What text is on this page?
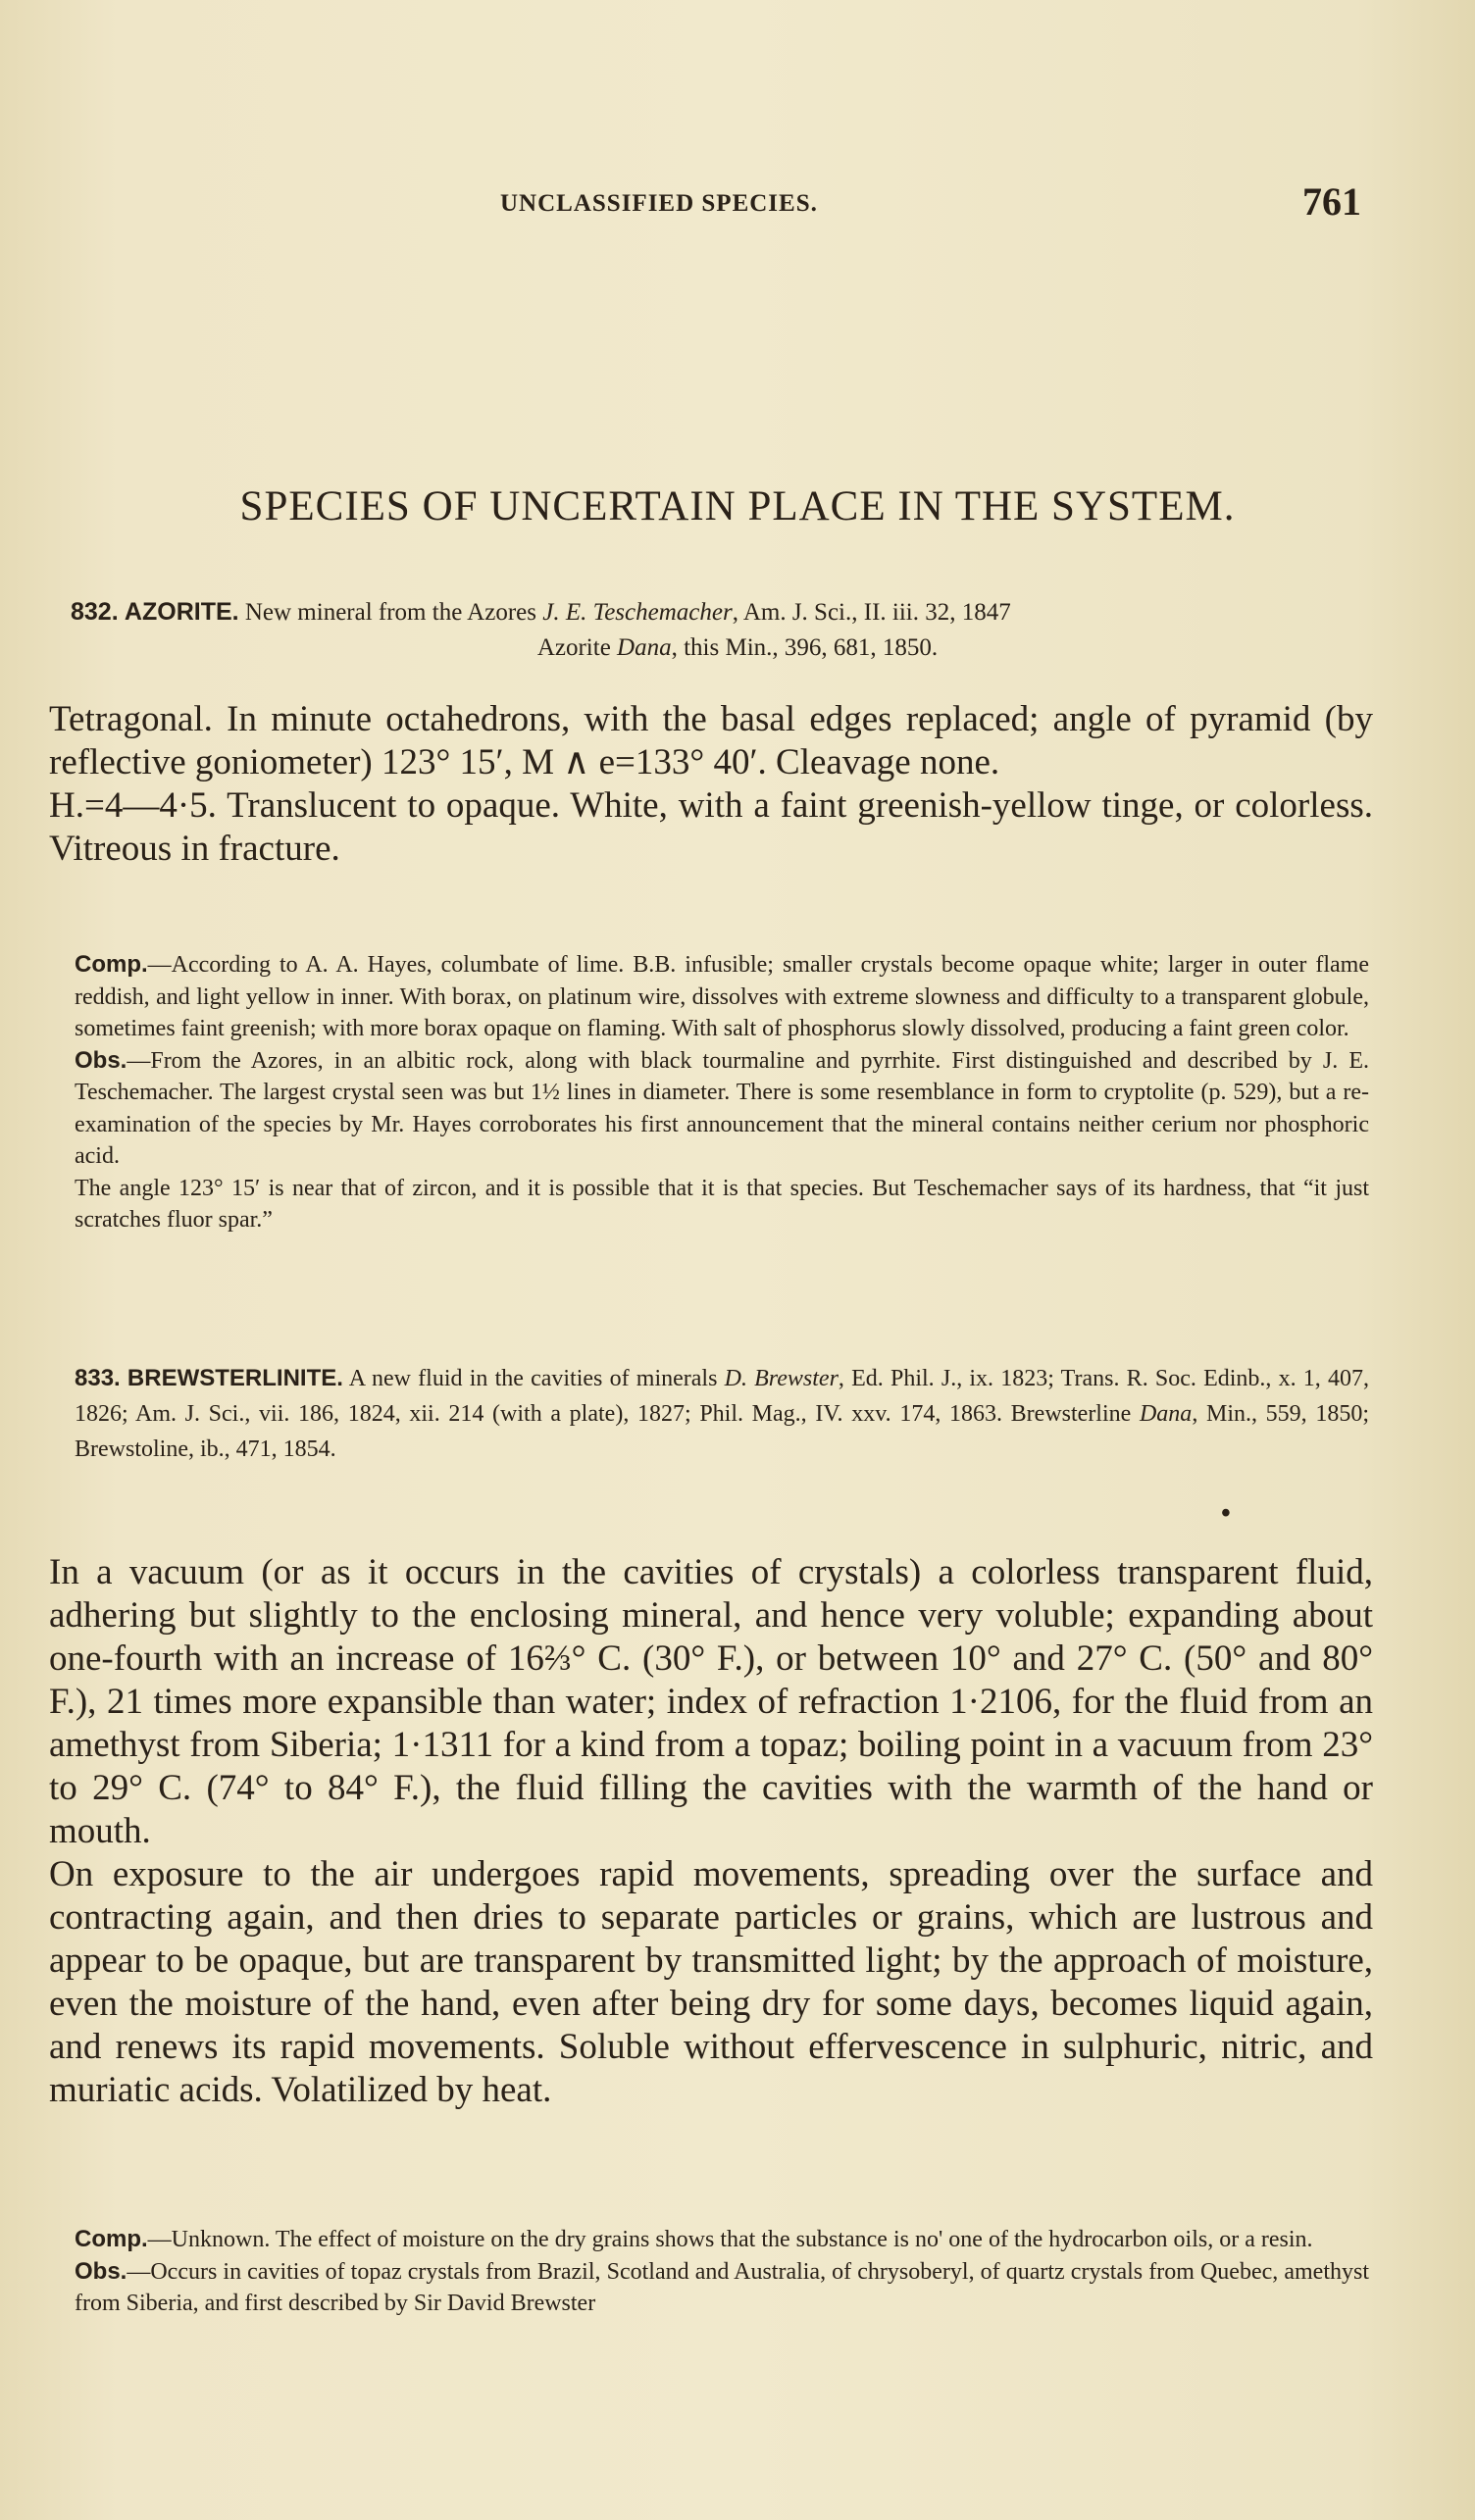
UNCLASSIFIED SPECIES.	761
SPECIES OF UNCERTAIN PLACE IN THE SYSTEM.
832. AZORITE. New mineral from the Azores J. E. Teschemacher, Am. J. Sci., II. iii. 32, 1847
Azorite Dana, this Min., 396, 681, 1850.

Tetragonal. In minute octahedrons, with the basal edges replaced; angle of pyramid (by reflective goniometer) 123° 15′, M ∧ e=133° 40′. Cleavage none.

H.=4—4·5. Translucent to opaque. White, with a faint greenish-yellow tinge, or colorless. Vitreous in fracture.

Comp.—According to A. A. Hayes, columbate of lime. B.B. infusible; smaller crystals become opaque white; larger in outer flame reddish, and light yellow in inner. With borax, on platinum wire, dissolves with extreme slowness and difficulty to a transparent globule, sometimes faint greenish; with more borax opaque on flaming. With salt of phosphorus slowly dissolved, producing a faint green color.

Obs.—From the Azores, in an albitic rock, along with black tourmaline and pyrrhite. First distinguished and described by J. E. Teschemacher. The largest crystal seen was but 1½ lines in diameter. There is some resemblance in form to cryptolite (p. 529), but a re-examination of the species by Mr. Hayes corroborates his first announcement that the mineral contains neither cerium nor phosphoric acid.

The angle 123° 15′ is near that of zircon, and it is possible that it is that species. But Teschemacher says of its hardness, that “it just scratches fluor spar.”

833. BREWSTERLINITE. A new fluid in the cavities of minerals D. Brewster, Ed. Phil. J., ix. 1823; Trans. R. Soc. Edinb., x. 1, 407, 1826; Am. J. Sci., vii. 186, 1824, xii. 214 (with a plate), 1827; Phil. Mag., IV. xxv. 174, 1863. Brewsterline Dana, Min., 559, 1850; Brewstoline, ib., 471, 1854.

•

In a vacuum (or as it occurs in the cavities of crystals) a colorless transparent fluid, adhering but slightly to the enclosing mineral, and hence very voluble; expanding about one-fourth with an increase of 16⅔° C. (30° F.), or between 10° and 27° C. (50° and 80° F.), 21 times more expansible than water; index of refraction 1·2106, for the fluid from an amethyst from Siberia; 1·1311 for a kind from a topaz; boiling point in a vacuum from 23° to 29° C. (74° to 84° F.), the fluid filling the cavities with the warmth of the hand or mouth.

On exposure to the air undergoes rapid movements, spreading over the surface and contracting again, and then dries to separate particles or grains, which are lustrous and appear to be opaque, but are transparent by transmitted light; by the approach of moisture, even the moisture of the hand, even after being dry for some days, becomes liquid again, and renews its rapid movements. Soluble without effervescence in sulphuric, nitric, and muriatic acids. Volatilized by heat.

Comp.—Unknown. The effect of moisture on the dry grains shows that the substance is no' one of the hydrocarbon oils, or a resin.

Obs.—Occurs in cavities of topaz crystals from Brazil, Scotland and Australia, of chrysoberyl, of quartz crystals from Quebec, amethyst from Siberia, and first described by Sir David Brewster
